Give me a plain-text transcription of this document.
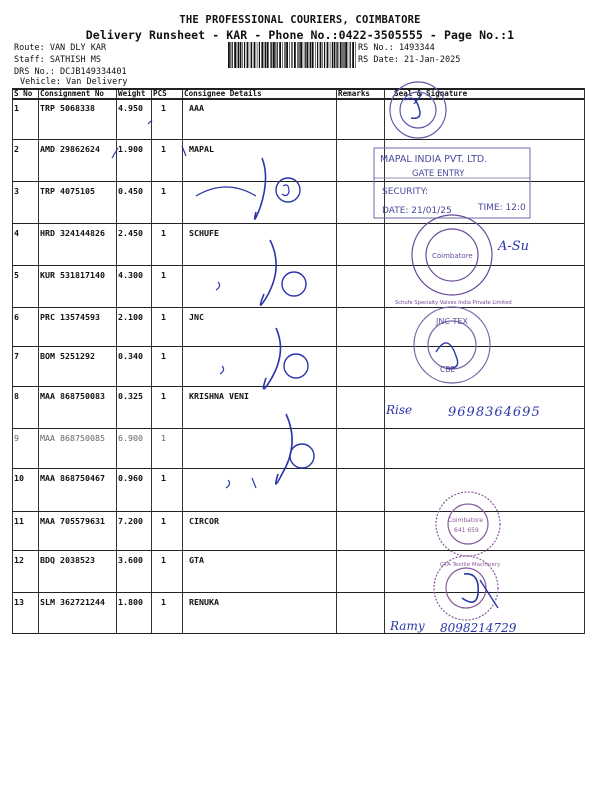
THE PROFESSIONAL COURIERS, COIMBATORE
Delivery Runsheet - KAR - Phone No.:0422-3505555 - Page No.:1
Route: VAN DLY KAR
Staff: SATHISH MS
DRS No.: DCJB149334401
Vehicle: Van Delivery
RS No.: 1493344
RS Date: 21-Jan-2025
S No Consignment No Weight PCS Consignee Details	Remarks	Seal & Signature
1	TRP 5068338	4.950 1	AAA
2	AMD 29862624 1.900 1	MAPAL
3	TRP 4075105	0.450 1
4	HRD 324144826 2.450 1	SCHUFE
5	KUR 531817140 4.300 1
6	PRC 13574593 2.100 1	JNC
7	BOM 5251292	0.340 1
8	MAA 868750083 0.325 1	KRISHNA VENI
9	MAA 868750085 6.900 1
10 MAA 868750467 0.960 1
11 MAA 705579631 7.200 1	CIRCOR
12 BDQ 2038523	3.600 1	GTA
13 SLM 362721244 1.800 1	RENUKA
MAPAL INDIA PVT. LTD.
GATE ENTRY
SECURITY:
DATE: 21/01/25	TIME: 12:0
Coimbatore
Schufe Specialty Valves India Private Limited
JNC TEX
CBE
Coimbatore
641 659
GTA Textile Machinery
A-Su
Rise	9698364695
Ramy 8098214729
